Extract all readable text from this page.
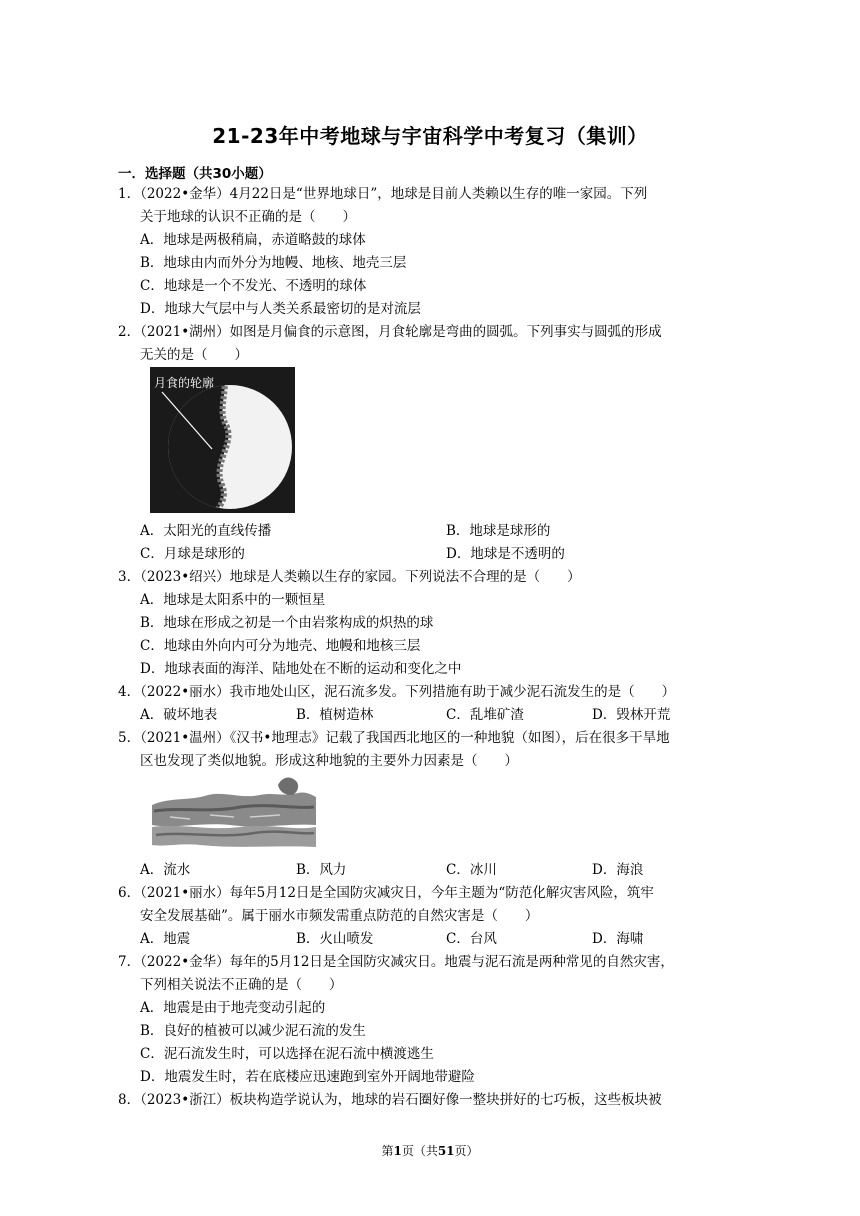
21-23年中考地球与宇宙科学中考复习（集训）
一．选择题（共30小题）
1．（2022•金华）4月22日是“世界地球日”，地球是目前人类赖以生存的唯一家园。下列
关于地球的认识不正确的是（　　）
A．地球是两极稍扁，赤道略鼓的球体
B．地球由内而外分为地幔、地核、地壳三层
C．地球是一个不发光、不透明的球体
D．地球大气层中与人类关系最密切的是对流层
2．（2021•湖州）如图是月偏食的示意图，月食轮廓是弯曲的圆弧。下列事实与圆弧的形成
无关的是（　　）
月食的轮廓
A．太阳光的直线传播	B．地球是球形的
C．月球是球形的	D．地球是不透明的
3．（2023•绍兴）地球是人类赖以生存的家园。下列说法不合理的是（　　）
A．地球是太阳系中的一颗恒星
B．地球在形成之初是一个由岩浆构成的炽热的球
C．地球由外向内可分为地壳、地幔和地核三层
D．地球表面的海洋、陆地处在不断的运动和变化之中
4．（2022•丽水）我市地处山区，泥石流多发。下列措施有助于减少泥石流发生的是（　　）
A．破坏地表	B．植树造林	C．乱堆矿渣	D．毁林开荒
5．（2021•温州）《汉书•地理志》记载了我国西北地区的一种地貌（如图），后在很多干旱地
区也发现了类似地貌。形成这种地貌的主要外力因素是（　　）
A．流水	B．风力	C．冰川	D．海浪
6．（2021•丽水）每年5月12日是全国防灾减灾日，今年主题为“防范化解灾害风险，筑牢
安全发展基础”。属于丽水市频发需重点防范的自然灾害是（　　）
A．地震	B．火山喷发	C．台风	D．海啸
7．（2022•金华）每年的5月12日是全国防灾减灾日。地震与泥石流是两种常见的自然灾害，
下列相关说法不正确的是（　　）
A．地震是由于地壳变动引起的
B．良好的植被可以减少泥石流的发生
C．泥石流发生时，可以选择在泥石流中横渡逃生
D．地震发生时，若在底楼应迅速跑到室外开阔地带避险
8．（2023•浙江）板块构造学说认为，地球的岩石圈好像一整块拼好的七巧板，这些板块被
第1页（共51页）
